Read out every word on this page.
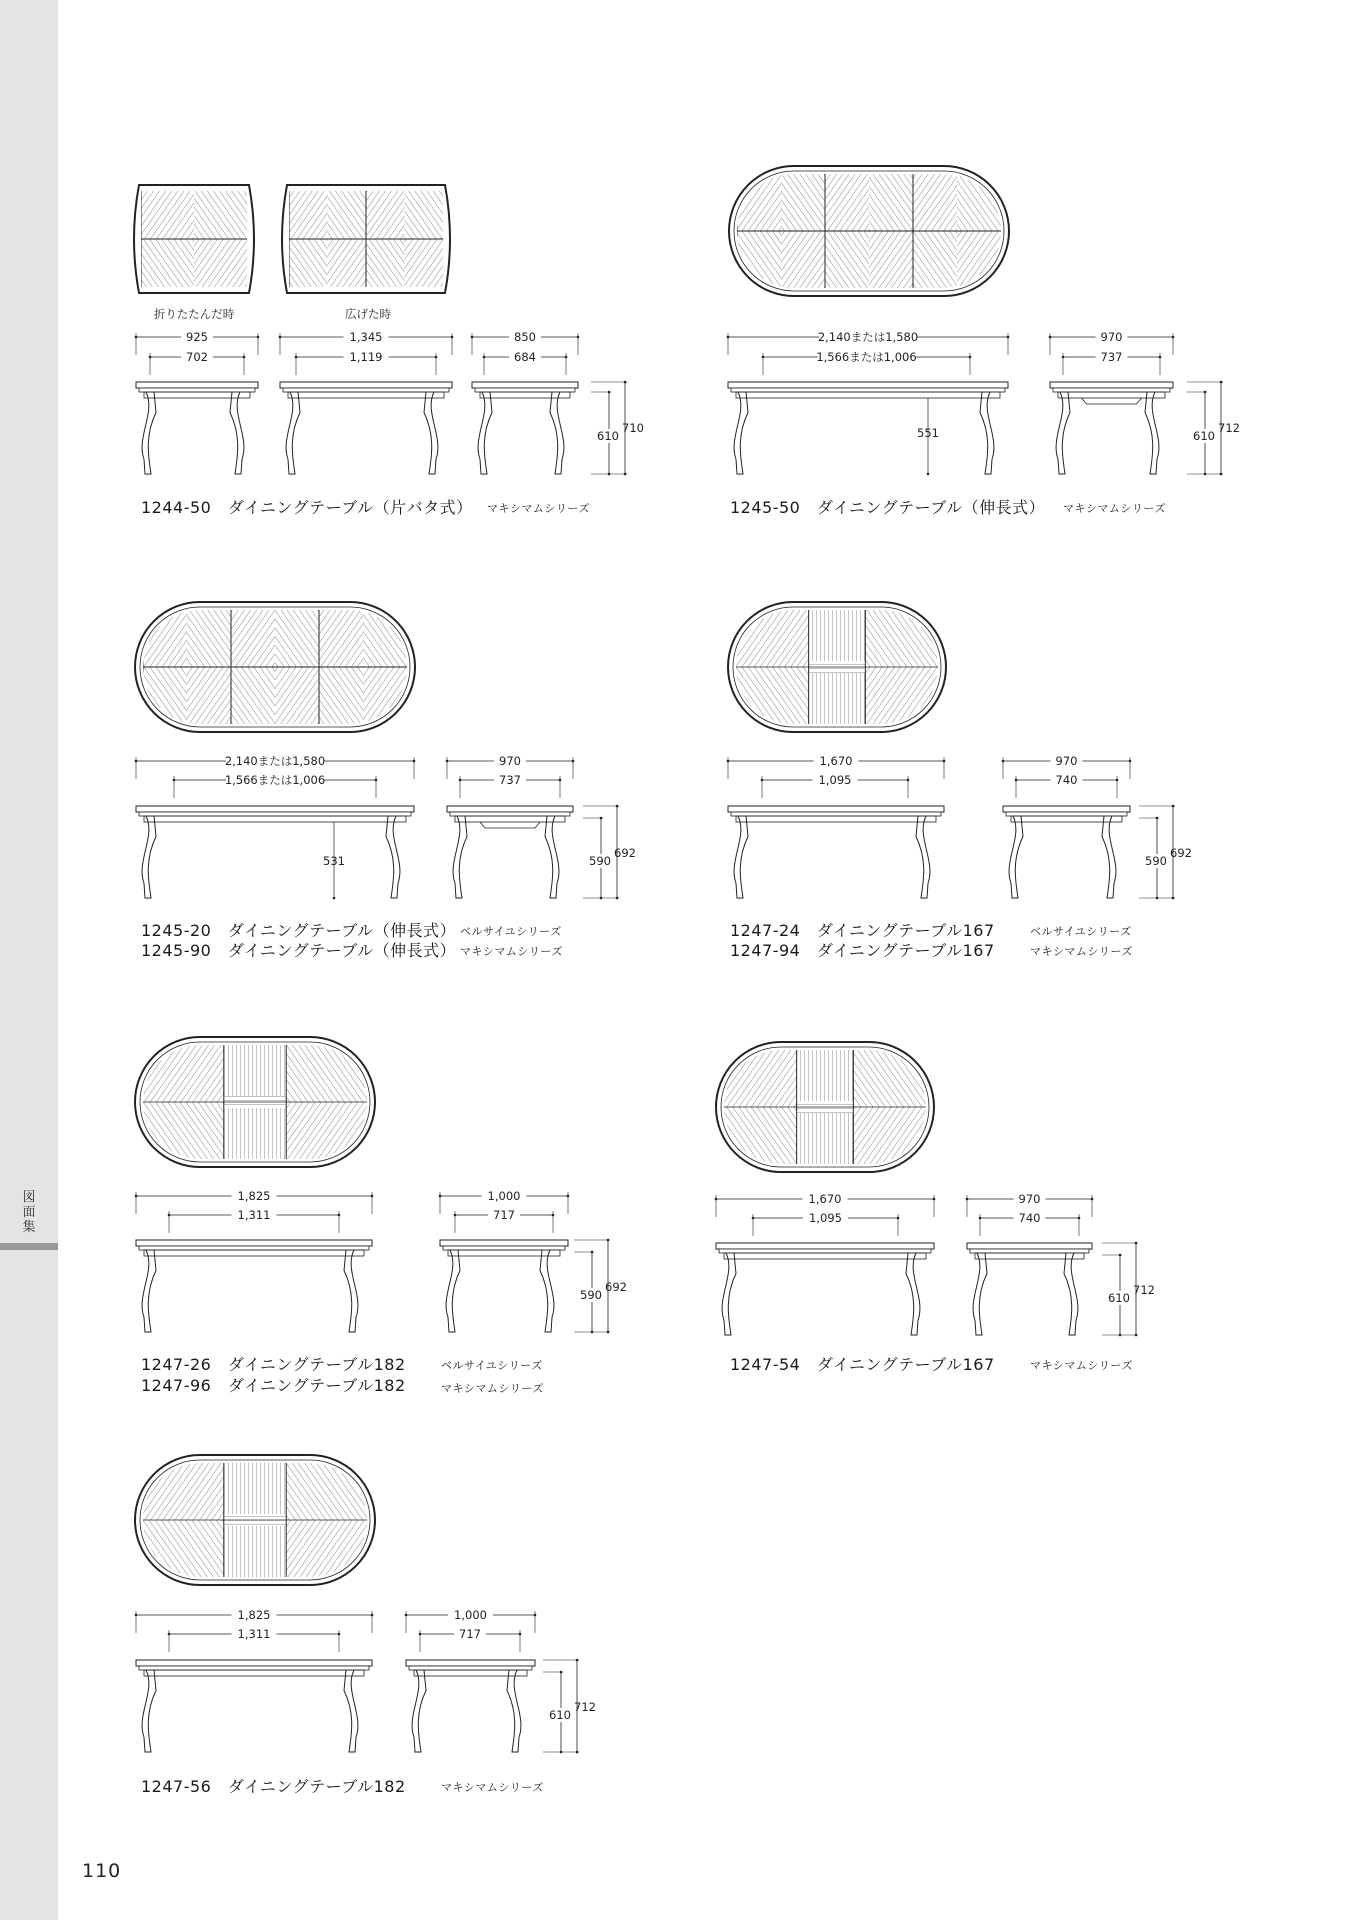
図
面
集
折りたたんだ時	広げた時
925
702
1,345
1,119
850
684
610
710
2,140または1,580
1,566または1,006
970
737
551	610
712
2,140または1,580
1,566または1,006
970
737
531	590
692
1,670
1,095
970
740
590
692
1,825
1,311
1,000
717
590
692
1,670
1,095
970
740
610
712
1,825
1,311
1,000
717
610
712
1244-50　ダイニングテーブル（片バタ式） マキシマムシリーズ	1245-50　ダイニングテーブル（伸長式） マキシマムシリーズ
1245-20　ダイニングテーブル（伸長式） ベルサイユシリーズ
1245-90　ダイニングテーブル（伸長式） マキシマムシリーズ
1247-24　ダイニングテーブル167	ベルサイユシリーズ
1247-94　ダイニングテーブル167	マキシマムシリーズ
1247-26　ダイニングテーブル182	ベルサイユシリーズ
1247-96　ダイニングテーブル182	マキシマムシリーズ
1247-54　ダイニングテーブル167	マキシマムシリーズ
1247-56　ダイニングテーブル182	マキシマムシリーズ
110
